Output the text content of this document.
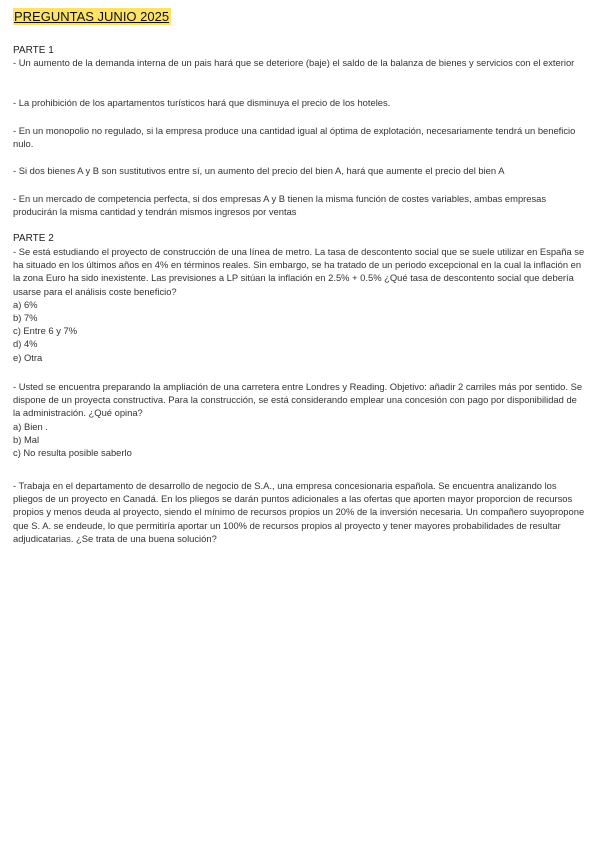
PREGUNTAS JUNIO 2025
PARTE 1

- Un aumento de la demanda interna de un pais hará que se deteriore (baje) el saldo de la balanza de bienes y servicios con el exterior

- La prohibición de los apartamentos turísticos hará que disminuya el precio de los hoteles.

- En un monopolio no regulado, si la empresa produce una cantidad igual al óptima de explotación, necesariamente tendrá un beneficio nulo.

- Si dos bienes A y B son sustitutivos entre sí, un aumento del precio del bien A, hará que aumente el precio del bien A

- En un mercado de competencia perfecta, si dos empresas A y B tienen la misma función de costes variables, ambas empresas producirán la misma cantidad y tendrán mismos ingresos por ventas

PARTE 2

- Se está estudiando el proyecto de construcción de una línea de metro. La tasa de descontento social que se suele utilizar en España se ha situado en los últimos años en 4% en términos reales. Sin embargo, se ha tratado de un periodo excepcional en la cual la inflación en la zona Euro ha sido inexistente. Las previsiones a LP sitúan la inflación en 2.5% + 0.5% ¿Qué tasa de descontento social que debería usarse para el análisis coste beneficio?

a) 6%

b) 7%

c) Entre 6 y 7%

d) 4%

e) Otra

- Usted se encuentra preparando la ampliación de una carretera entre Londres y Reading. Objetivo: añadir 2 carriles más por sentido. Se dispone de un proyecta constructiva. Para la construcción, se está considerando emplear una concesión con pago por disponibilidad de la administración. ¿Qué opina?

a) Bien .

b) Mal

c) No resulta posible saberlo

- Trabaja en el departamento de desarrollo de negocio de S.A., una empresa concesionaria española. Se encuentra analizando los pliegos de un proyecto en Canadá. En los pliegos se darán puntos adicionales a las ofertas que aporten mayor proporcion de recursos propios y menos deuda al proyecto, siendo el mínimo de recursos propios un 20% de la inversión necesaria. Un compañero suyopropone que S. A. se endeude, lo que permitiría aportar un 100% de recursos propios al proyecto y tener mayores probabilidades de resultar adjudicatarias. ¿Se trata de una buena solución?
